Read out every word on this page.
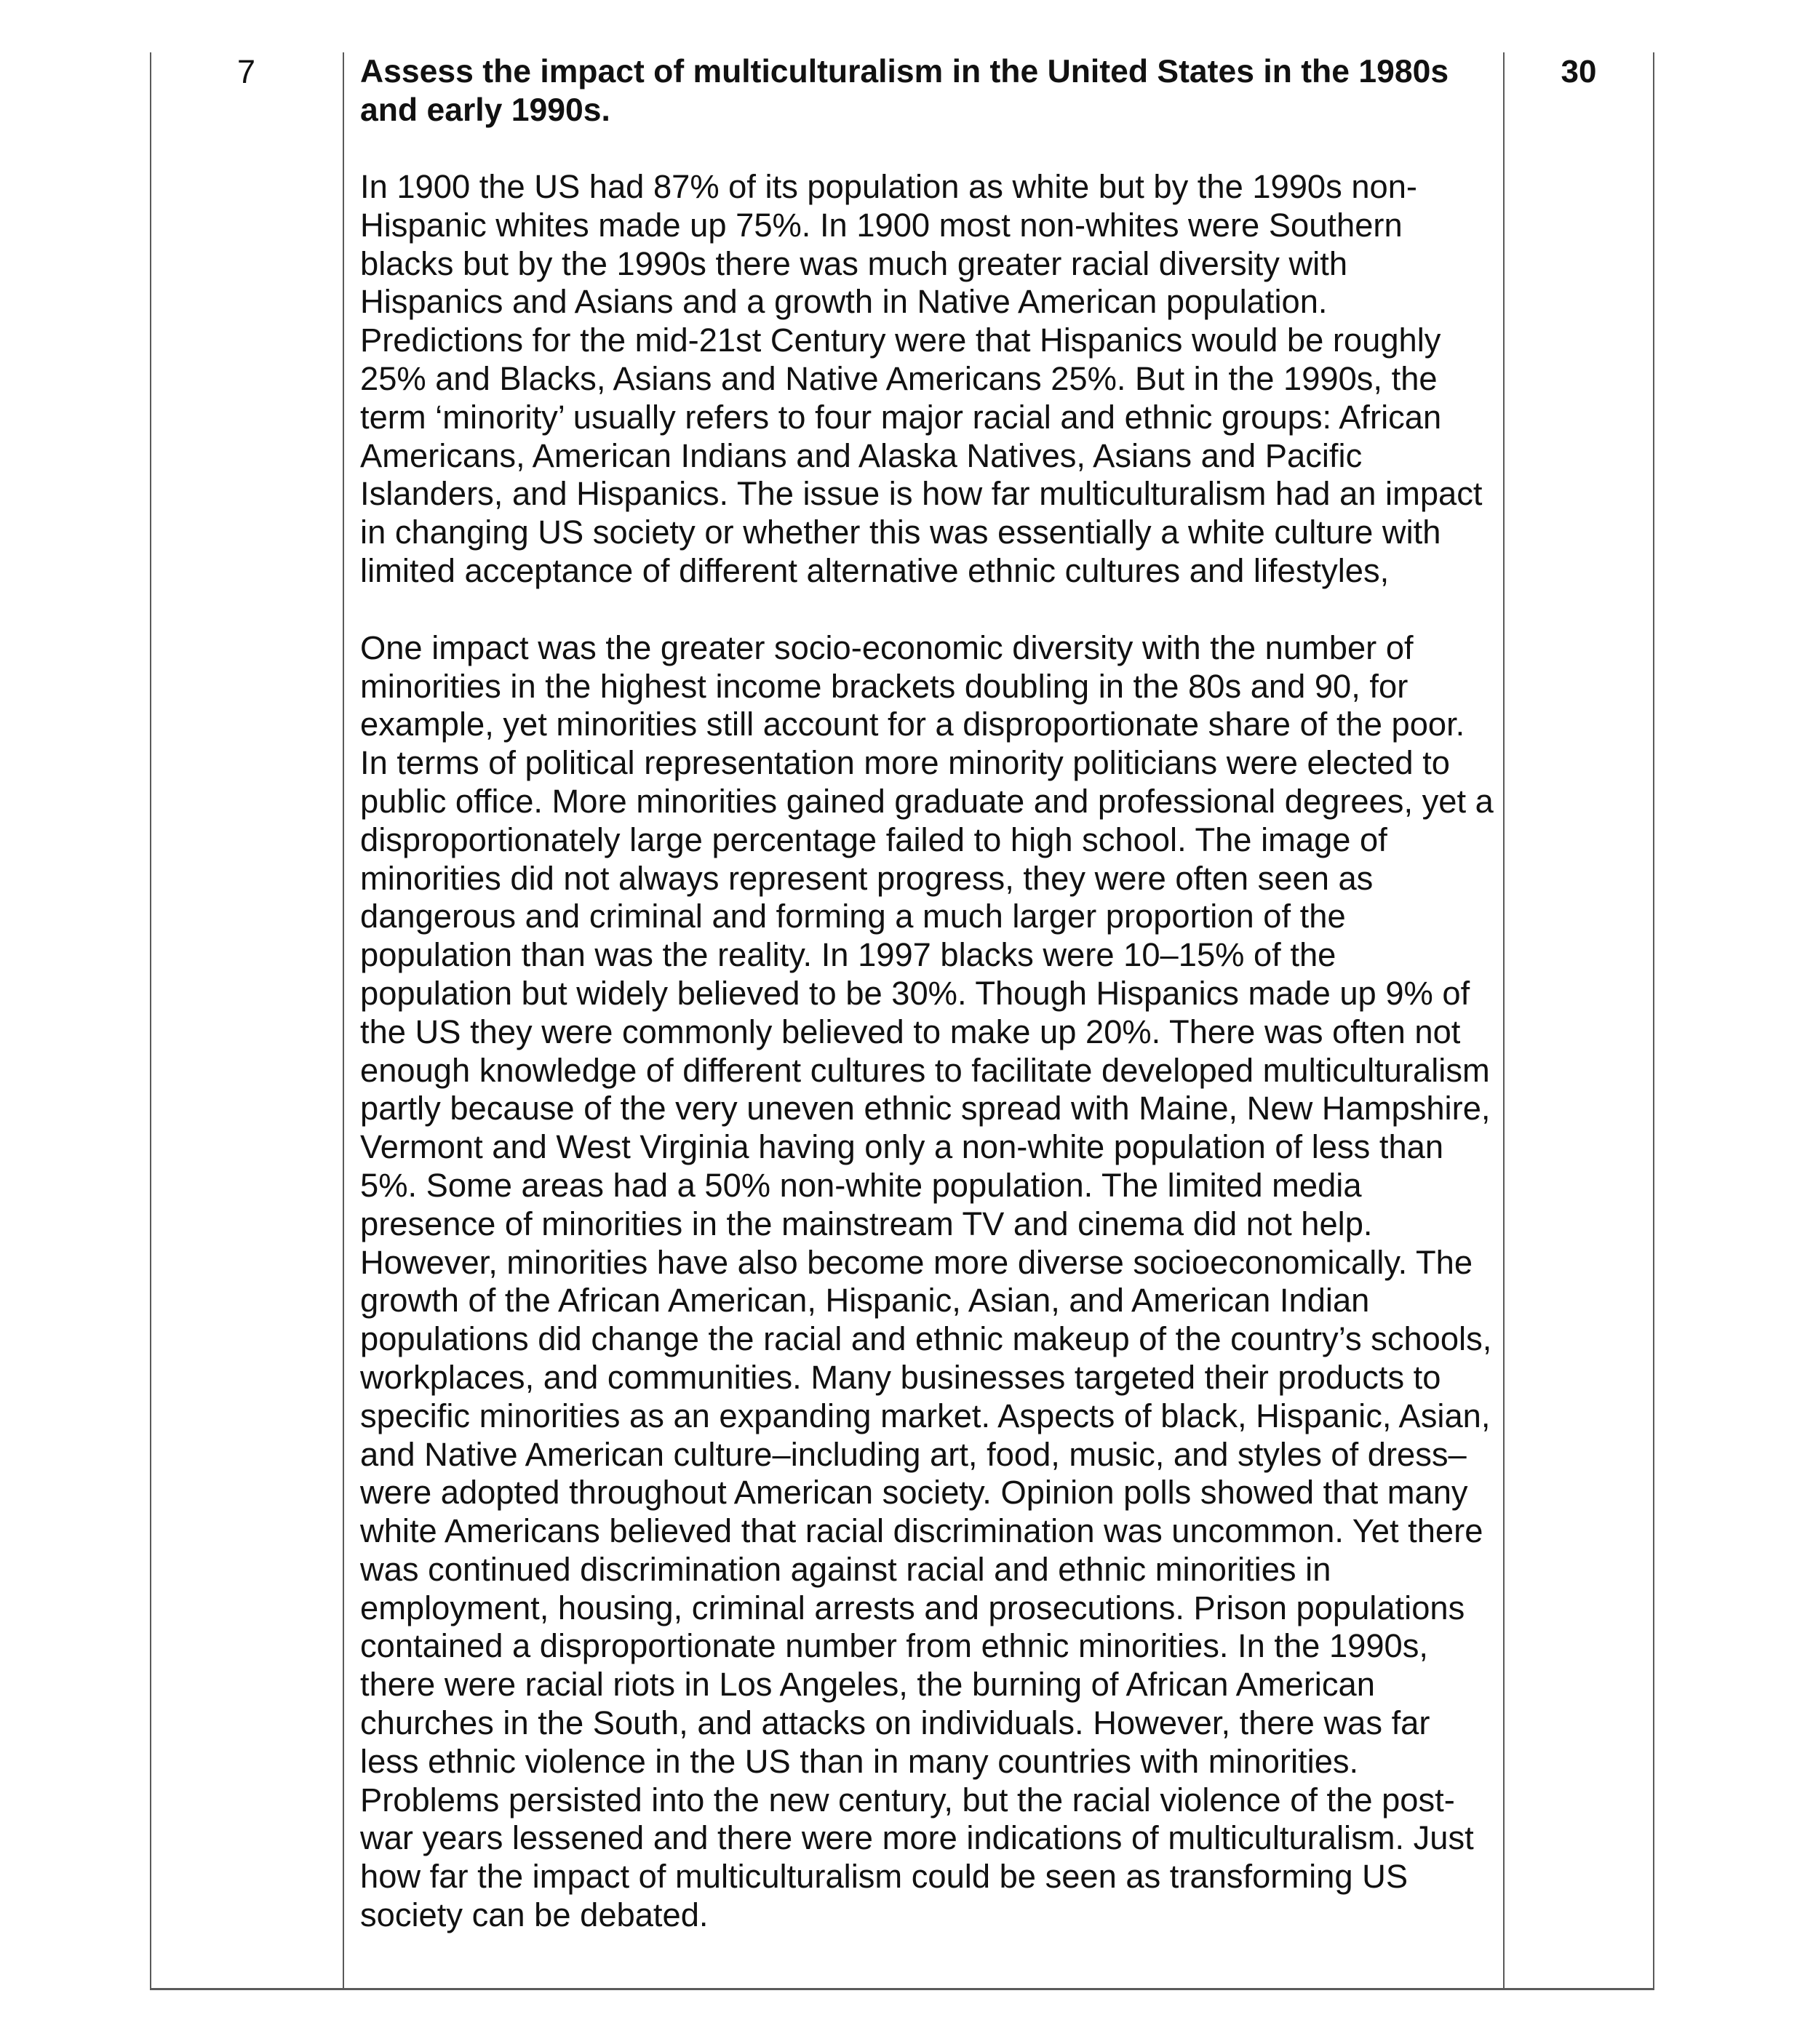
7	Assess the impact of multiculturalism in the United States in the 1980s and early 1990s.

In 1900 the US had 87% of its population as white but by the 1990s non-Hispanic whites made up 75%. In 1900 most non-whites were Southern blacks but by the 1990s there was much greater racial diversity with Hispanics and Asians and a growth in Native American population. Predictions for the mid-21st Century were that Hispanics would be roughly 25% and Blacks, Asians and Native Americans 25%. But in the 1990s, the term ‘minority’ usually refers to four major racial and ethnic groups: African Americans, American Indians and Alaska Natives, Asians and Pacific Islanders, and Hispanics. The issue is how far multiculturalism had an impact in changing US society or whether this was essentially a white culture with limited acceptance of different alternative ethnic cultures and lifestyles,

One impact was the greater socio-economic diversity with the number of minorities in the highest income brackets doubling in the 80s and 90, for example, yet minorities still account for a disproportionate share of the poor. In terms of political representation more minority politicians were elected to public office. More minorities gained graduate and professional degrees, yet a disproportionately large percentage failed to high school. The image of minorities did not always represent progress, they were often seen as dangerous and criminal and forming a much larger proportion of the population than was the reality. In 1997 blacks were 10–15% of the population but widely believed to be 30%. Though Hispanics made up 9% of the US they were commonly believed to make up 20%. There was often not enough knowledge of different cultures to facilitate developed multiculturalism partly because of the very uneven ethnic spread with Maine, New Hampshire, Vermont and West Virginia having only a non-white population of less than 5%. Some areas had a 50% non-white population. The limited media presence of minorities in the mainstream TV and cinema did not help. However, minorities have also become more diverse socioeconomically. The growth of the African American, Hispanic, Asian, and American Indian populations did change the racial and ethnic makeup of the country’s schools, workplaces, and communities. Many businesses targeted their products to specific minorities as an expanding market. Aspects of black, Hispanic, Asian, and Native American culture–including art, food, music, and styles of dress–were adopted throughout American society. Opinion polls showed that many white Americans believed that racial discrimination was uncommon. Yet there was continued discrimination against racial and ethnic minorities in employment, housing, criminal arrests and prosecutions. Prison populations contained a disproportionate number from ethnic minorities. In the 1990s, there were racial riots in Los Angeles, the burning of African American churches in the South, and attacks on individuals. However, there was far less ethnic violence in the US than in many countries with minorities. Problems persisted into the new century, but the racial violence of the post-war years lessened and there were more indications of multiculturalism. Just how far the impact of multiculturalism could be seen as transforming US society can be debated.

30
